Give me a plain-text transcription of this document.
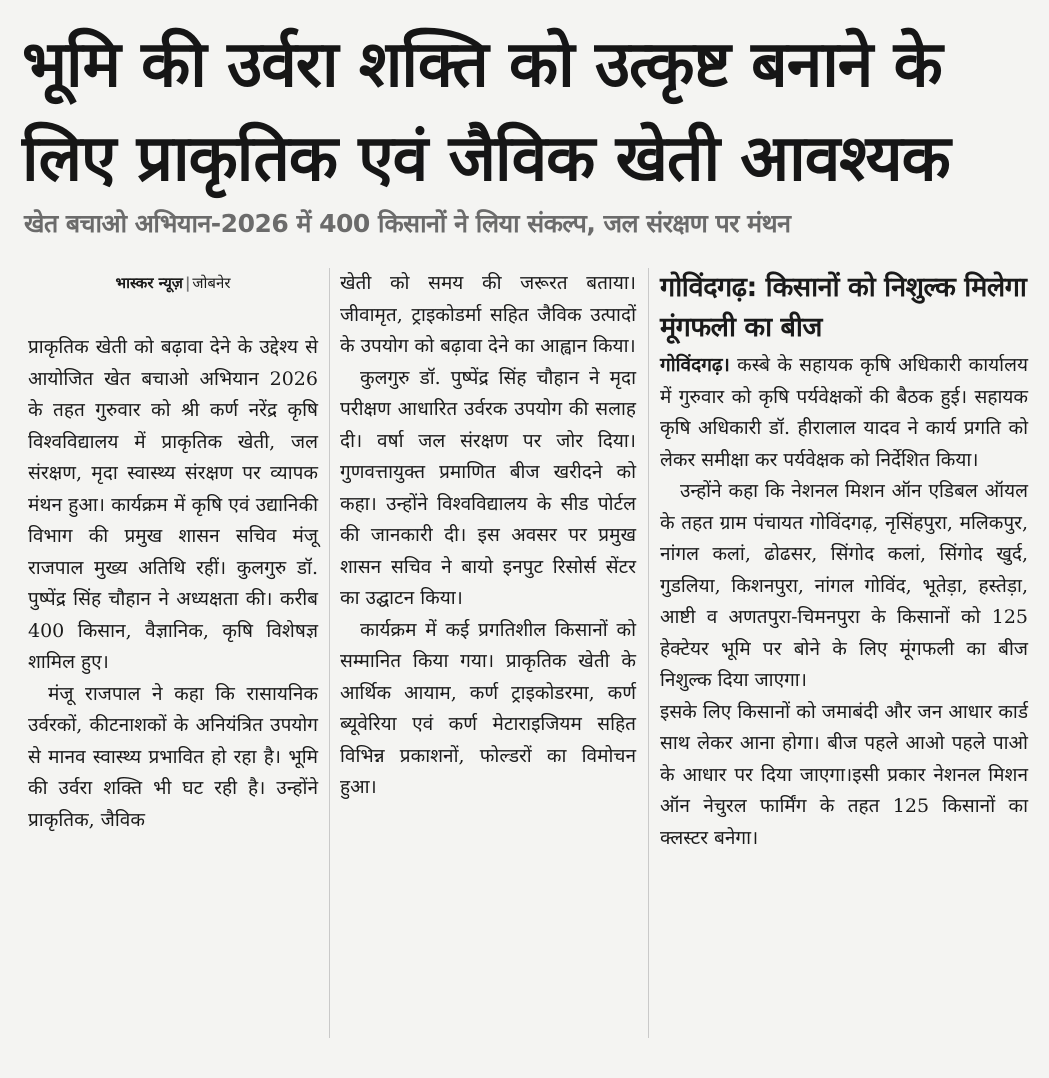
भूमि की उर्वरा शक्ति को उत्कृष्ट बनाने के
लिए प्राकृतिक एवं जैविक खेती आवश्यक
खेत बचाओ अभियान-2026 में 400 किसानों ने लिया संकल्प, जल संरक्षण पर मंथन

भास्कर न्यूज़ | जोबनेर

प्राकृतिक खेती को बढ़ावा देने के उद्देश्य से आयोजित खेत बचाओ अभियान 2026 के तहत गुरुवार को श्री कर्ण नरेंद्र कृषि विश्वविद्यालय में प्राकृतिक खेती, जल संरक्षण, मृदा स्वास्थ्य संरक्षण पर व्यापक मंथन हुआ। कार्यक्रम में कृषि एवं उद्यानिकी विभाग की प्रमुख शासन सचिव मंजू राजपाल मुख्य अतिथि रहीं। कुलगुरु डॉ. पुष्पेंद्र सिंह चौहान ने अध्यक्षता की। करीब 400 किसान, वैज्ञानिक, कृषि विशेषज्ञ शामिल हुए।

मंजू राजपाल ने कहा कि रासायनिक उर्वरकों, कीटनाशकों के अनियंत्रित उपयोग से मानव स्वास्थ्य प्रभावित हो रहा है। भूमि की उर्वरा शक्ति भी घट रही है। उन्होंने प्राकृतिक, जैविक

खेती को समय की जरूरत बताया। जीवामृत, ट्राइकोडर्मा सहित जैविक उत्पादों के उपयोग को बढ़ावा देने का आह्वान किया।

कुलगुरु डॉ. पुष्पेंद्र सिंह चौहान ने मृदा परीक्षण आधारित उर्वरक उपयोग की सलाह दी। वर्षा जल संरक्षण पर जोर दिया। गुणवत्तायुक्त प्रमाणित बीज खरीदने को कहा। उन्होंने विश्वविद्यालय के सीड पोर्टल की जानकारी दी। इस अवसर पर प्रमुख शासन सचिव ने बायो इनपुट रिसोर्स सेंटर का उद्घाटन किया।

कार्यक्रम में कई प्रगतिशील किसानों को सम्मानित किया गया। प्राकृतिक खेती के आर्थिक आयाम, कर्ण ट्राइकोडरमा, कर्ण ब्यूवेरिया एवं कर्ण मेटाराइजियम सहित विभिन्न प्रकाशनों, फोल्डरों का विमोचन हुआ।

गोविंदगढ़: किसानों को निशुल्क मिलेगा मूंगफली का बीज

गोविंदगढ़। कस्बे के सहायक कृषि अधिकारी कार्यालय में गुरुवार को कृषि पर्यवेक्षकों की बैठक हुई। सहायक कृषि अधिकारी डॉ. हीरालाल यादव ने कार्य प्रगति को लेकर समीक्षा कर पर्यवेक्षक को निर्देशित किया।

उन्होंने कहा कि नेशनल मिशन ऑन एडिबल ऑयल के तहत ग्राम पंचायत गोविंदगढ़, नृसिंहपुरा, मलिकपुर, नांगल कलां, ढोढसर, सिंगोद कलां, सिंगोद खुर्द, गुडलिया, किशनपुरा, नांगल गोविंद, भूतेड़ा, हस्तेड़ा, आष्टी व अणतपुरा-चिमनपुरा के किसानों को 125 हेक्टेयर भूमि पर बोने के लिए मूंगफली का बीज निशुल्क दिया जाएगा।

इसके लिए किसानों को जमाबंदी और जन आधार कार्ड साथ लेकर आना होगा। बीज पहले आओ पहले पाओ के आधार पर दिया जाएगा।इसी प्रकार नेशनल मिशन ऑन नेचुरल फार्मिंग के तहत 125 किसानों का क्लस्टर बनेगा।
